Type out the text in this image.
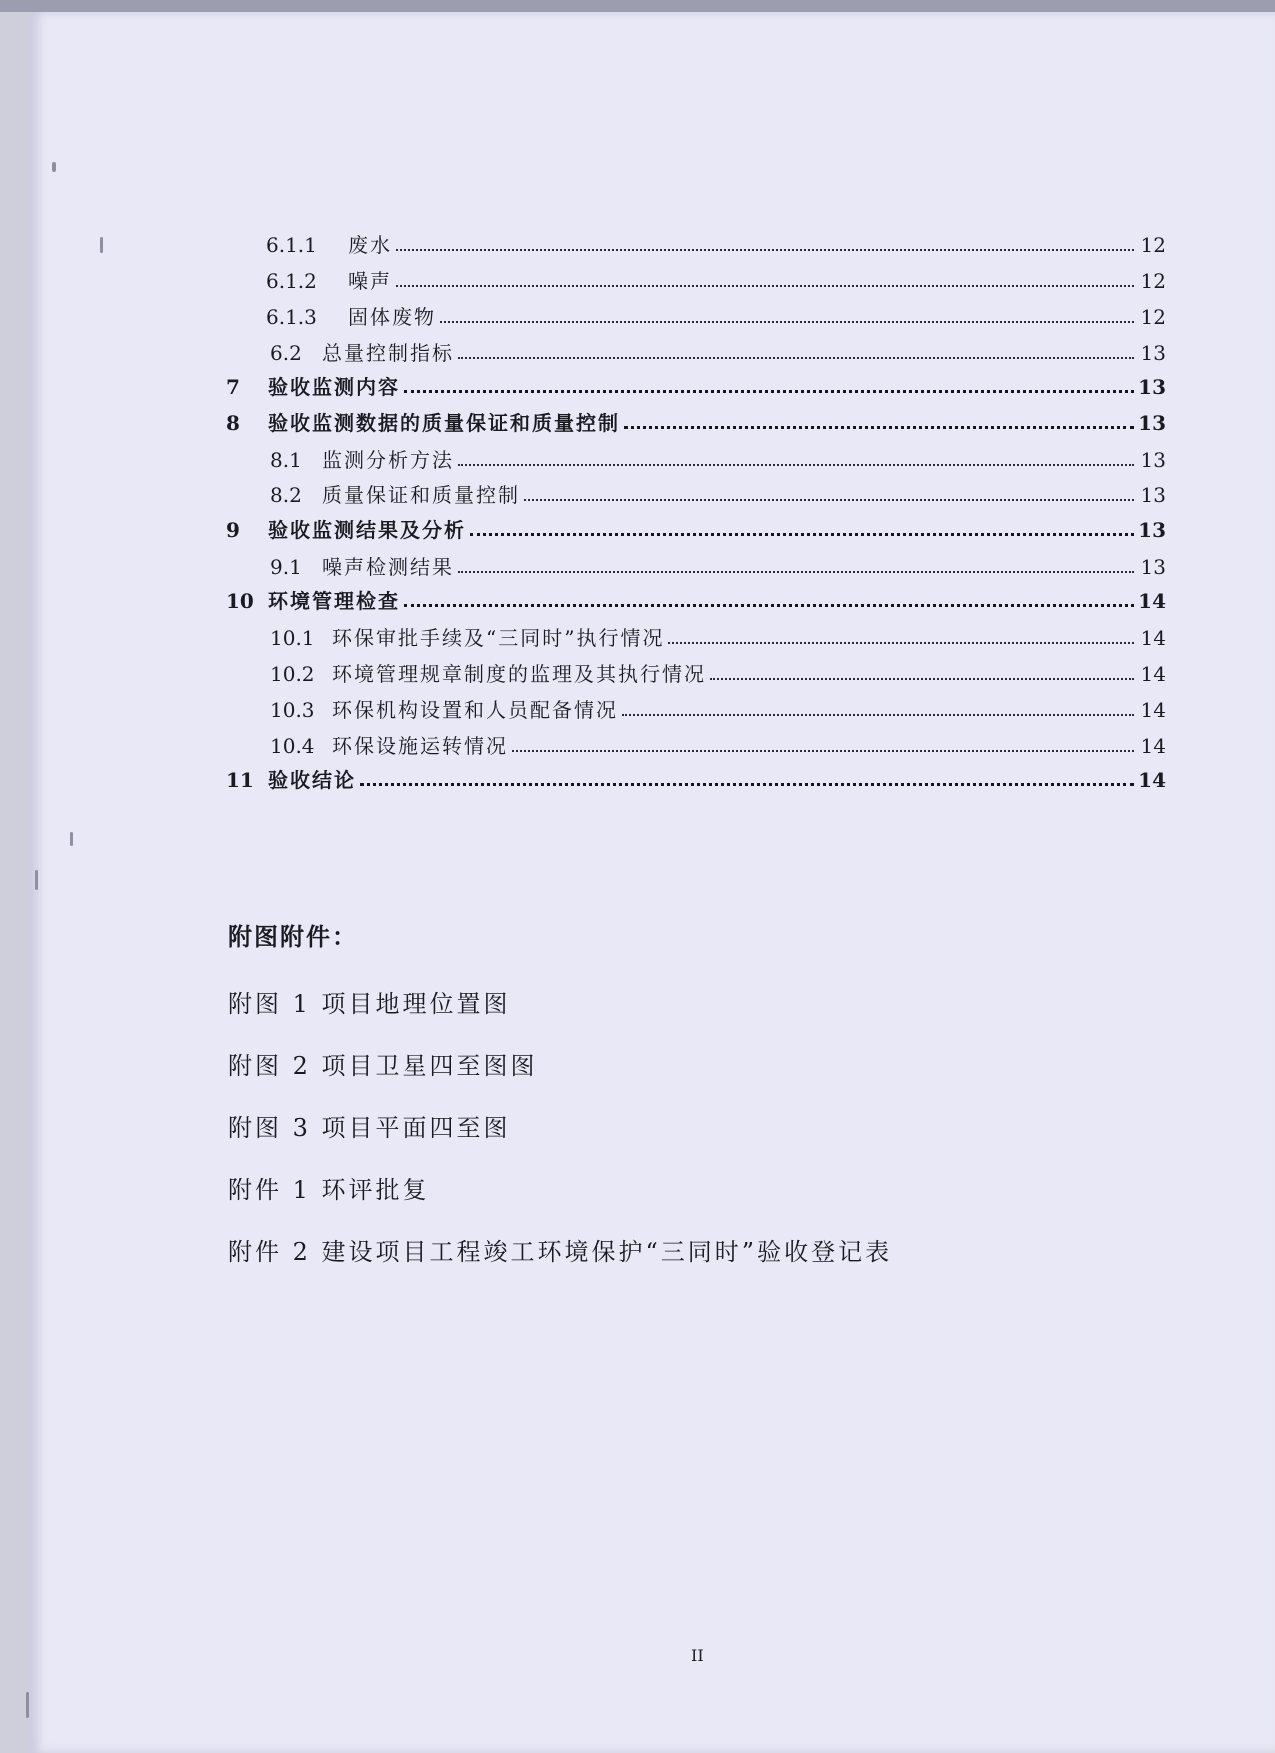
6.1.1	废水	12
6.1.2	噪声	12
6.1.3	固体废物	12
6.2	总量控制指标	13
7	验收监测内容	13
8	验收监测数据的质量保证和质量控制	13
8.1	监测分析方法	13
8.2	质量保证和质量控制	13
9	验收监测结果及分析	13
9.1	噪声检测结果	13
10 环境管理检查	14
10.1 环保审批手续及“三同时”执行情况	14
10.2 环境管理规章制度的监理及其执行情况	14
10.3 环保机构设置和人员配备情况	14
10.4 环保设施运转情况	14
11 验收结论	14
附图附件：
附图 1 项目地理位置图
附图 2 项目卫星四至图图
附图 3 项目平面四至图
附件 1 环评批复
附件 2 建设项目工程竣工环境保护“三同时”验收登记表
II
